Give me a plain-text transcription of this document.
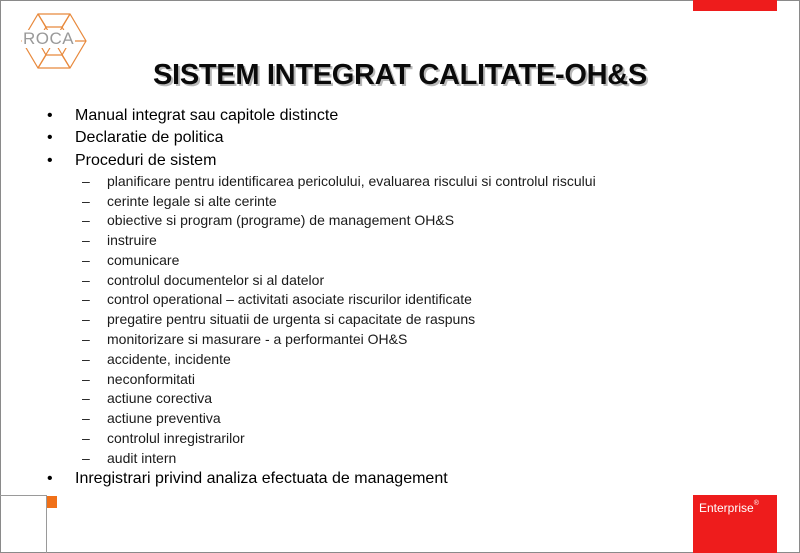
ROCA
SISTEM INTEGRAT CALITATE-OH&S
• Manual integrat sau capitole distincte
• Declaratie de politica
• Proceduri de sistem
– planificare pentru identificarea pericolului, evaluarea riscului si controlul riscului
– cerinte legale si alte cerinte
– obiective si program (programe) de management OH&S
– instruire
– comunicare
– controlul documentelor si al datelor
– control operational – activitati asociate riscurilor identificate
– pregatire pentru situatii de urgenta si capacitate de raspuns
– monitorizare si masurare - a performantei OH&S
– accidente, incidente
– neconformitati
– actiune corectiva
– actiune preventiva
– controlul inregistrarilor
– audit intern
• Inregistrari privind analiza efectuata de management
Enterprise®
